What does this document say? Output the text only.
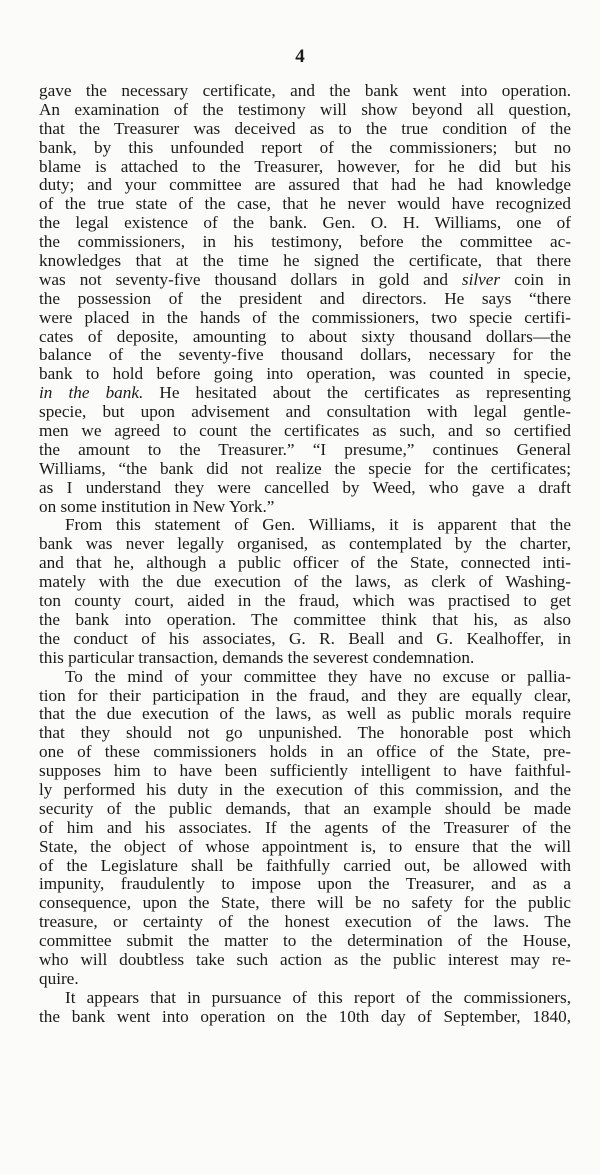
4
gave the necessary certificate, and the bank went into operation.
An examination of the testimony will show beyond all question,
that the Treasurer was deceived as to the true condition of the
bank, by this unfounded report of the commissioners; but no
blame is attached to the Treasurer, however, for he did but his
duty; and your committee are assured that had he had knowledge
of the true state of the case, that he never would have recognized
the legal existence of the bank. Gen. O. H. Williams, one of
the commissioners, in his testimony, before the committee ac-
knowledges that at the time he signed the certificate, that there
was not seventy-five thousand dollars in gold and silver coin in
the possession of the president and directors. He says “there
were placed in the hands of the commissioners, two specie certifi-
cates of deposite, amounting to about sixty thousand dollars—the
balance of the seventy-five thousand dollars, necessary for the
bank to hold before going into operation, was counted in specie,
in the bank. He hesitated about the certificates as representing
specie, but upon advisement and consultation with legal gentle-
men we agreed to count the certificates as such, and so certified
the amount to the Treasurer.” “I presume,” continues General
Williams, “the bank did not realize the specie for the certificates;
as I understand they were cancelled by Weed, who gave a draft
on some institution in New York.”
From this statement of Gen. Williams, it is apparent that the
bank was never legally organised, as contemplated by the charter,
and that he, although a public officer of the State, connected inti-
mately with the due execution of the laws, as clerk of Washing-
ton county court, aided in the fraud, which was practised to get
the bank into operation. The committee think that his, as also
the conduct of his associates, G. R. Beall and G. Kealhoffer, in
this particular transaction, demands the severest condemnation.
To the mind of your committee they have no excuse or pallia-
tion for their participation in the fraud, and they are equally clear,
that the due execution of the laws, as well as public morals require
that they should not go unpunished. The honorable post which
one of these commissioners holds in an office of the State, pre-
supposes him to have been sufficiently intelligent to have faithful-
ly performed his duty in the execution of this commission, and the
security of the public demands, that an example should be made
of him and his associates. If the agents of the Treasurer of the
State, the object of whose appointment is, to ensure that the will
of the Legislature shall be faithfully carried out, be allowed with
impunity, fraudulently to impose upon the Treasurer, and as a
consequence, upon the State, there will be no safety for the public
treasure, or certainty of the honest execution of the laws. The
committee submit the matter to the determination of the House,
who will doubtless take such action as the public interest may re-
quire.
It appears that in pursuance of this report of the commissioners,
the bank went into operation on the 10th day of September, 1840,
